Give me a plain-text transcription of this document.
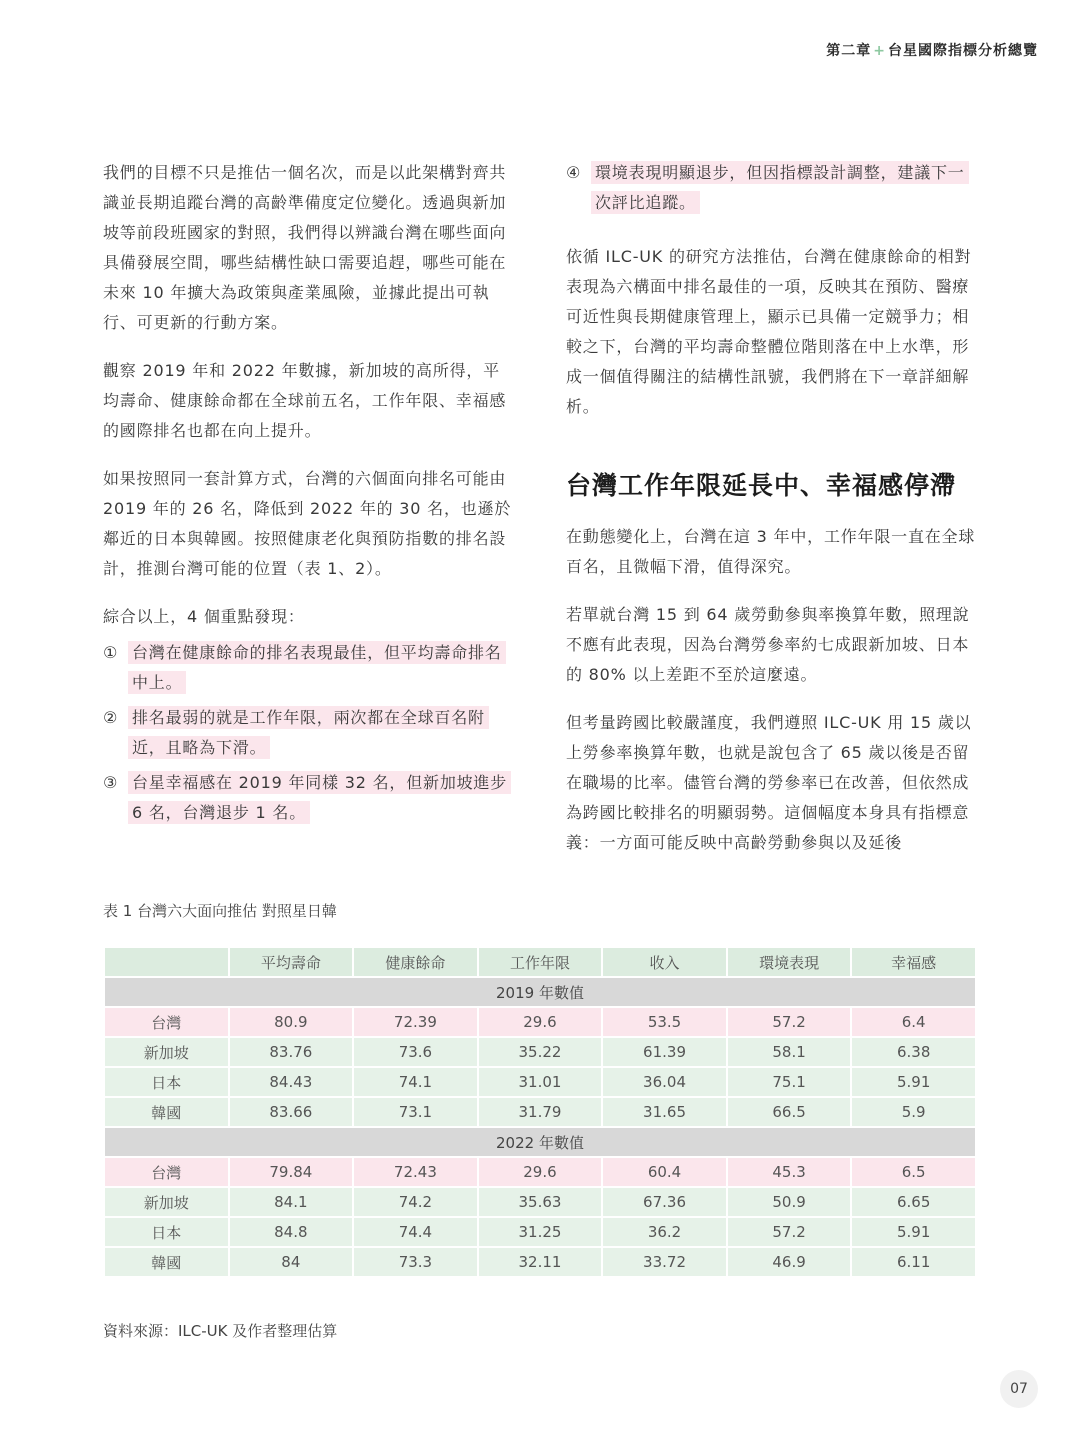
第二章 + 台星國際指標分析總覽

我們的目標不只是推估一個名次，而是以此架構對齊共識並長期追蹤台灣的高齡準備度定位變化。透過與新加坡等前段班國家的對照，我們得以辨識台灣在哪些面向具備發展空間，哪些結構性缺口需要追趕，哪些可能在未來 10 年擴大為政策與產業風險，並據此提出可執行、可更新的行動方案。

觀察 2019 年和 2022 年數據，新加坡的高所得，平均壽命、健康餘命都在全球前五名，工作年限、幸福感的國際排名也都在向上提升。

如果按照同一套計算方式，台灣的六個面向排名可能由 2019 年的 26 名，降低到 2022 年的 30 名，也遜於鄰近的日本與韓國。按照健康老化與預防指數的排名設計，推測台灣可能的位置（表 1、2）。

綜合以上，4 個重點發現：

① 台灣在健康餘命的排名表現最佳，但平均壽命排名中上。
② 排名最弱的就是工作年限，兩次都在全球百名附近，且略為下滑。
③ 台星幸福感在 2019 年同樣 32 名，但新加坡進步 6 名，台灣退步 1 名。
④ 環境表現明顯退步，但因指標設計調整，建議下一次評比追蹤。

依循 ILC-UK 的研究方法推估，台灣在健康餘命的相對表現為六構面中排名最佳的一項，反映其在預防、醫療可近性與長期健康管理上，顯示已具備一定競爭力；相較之下，台灣的平均壽命整體位階則落在中上水準，形成一個值得關注的結構性訊號，我們將在下一章詳細解析。

台灣工作年限延長中、幸福感停滯

在動態變化上，台灣在這 3 年中，工作年限一直在全球百名，且微幅下滑，值得深究。

若單就台灣 15 到 64 歲勞動參與率換算年數，照理說不應有此表現，因為台灣勞參率約七成跟新加坡、日本的 80% 以上差距不至於這麼遠。

但考量跨國比較嚴謹度，我們遵照 ILC-UK 用 15 歲以上勞參率換算年數，也就是說包含了 65 歲以後是否留在職場的比率。儘管台灣的勞參率已在改善，但依然成為跨國比較排名的明顯弱勢。這個幅度本身具有指標意義：一方面可能反映中高齡勞動參與以及延後

表 1 台灣六大面向推估 對照星日韓
	平均壽命	健康餘命	工作年限	收入	環境表現	幸福感
2019 年數值						
台灣	80.9	72.39	29.6	53.5	57.2	6.4
新加坡	83.76	73.6	35.22	61.39	58.1	6.38
日本	84.43	74.1	31.01	36.04	75.1	5.91
韓國	83.66	73.1	31.79	31.65	66.5	5.9
2022 年數值						
台灣	79.84	72.43	29.6	60.4	45.3	6.5
新加坡	84.1	74.2	35.63	67.36	50.9	6.65
日本	84.8	74.4	31.25	36.2	57.2	5.91
韓國	84	73.3	32.11	33.72	46.9	6.11
資料來源：ILC-UK 及作者整理估算
07
